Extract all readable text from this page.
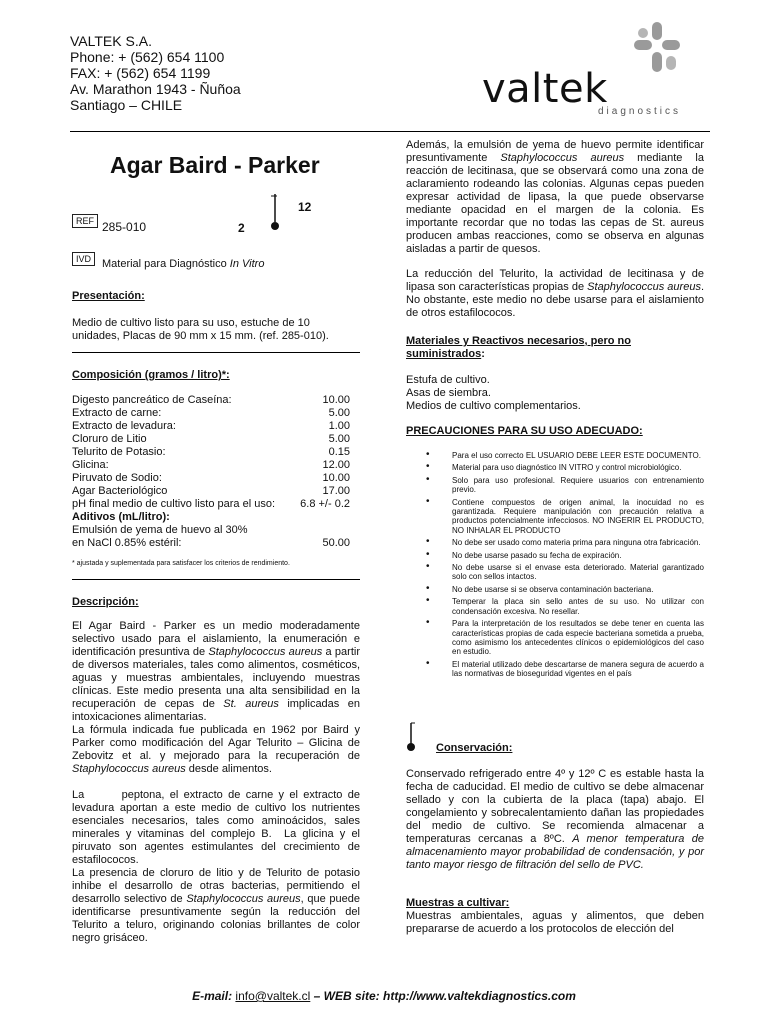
VALTEK S.A.
Phone: + (562) 654 1100
FAX: + (562) 654 1199
Av. Marathon 1943 - Ñuñoa
Santiago – CHILE	valtek
diagnostics
Agar Baird - Parker
12
2
REF 285-010
IVD Material para Diagnóstico In Vitro
Presentación:
Medio de cultivo listo para su uso, estuche de 10 unidades, Placas de 90 mm x 15 mm. (ref. 285-010).
Composición (gramos / litro)*:
Digesto pancreático de Caseína:	10.00
Extracto de carne:	5.00
Extracto de levadura:	1.00
Cloruro de Litio	5.00
Telurito de Potasio:	0.15
Glicina:	12.00
Piruvato de Sodio:	10.00
Agar Bacteriológico	17.00
pH final medio de cultivo listo para el uso:	6.8 +/- 0.2
Aditivos (mL/litro):
Emulsión de yema de huevo al 30%
en NaCl 0.85% estéril:	50.00
* ajustada y suplementada para satisfacer los criterios de rendimiento.
Descripción:
El Agar Baird - Parker es un medio moderadamente selectivo usado para el aislamiento, la enumeración e identificación presuntiva de Staphylococcus aureus a partir de diversos materiales, tales como alimentos, cosméticos, aguas y muestras ambientales, incluyendo muestras clínicas. Este medio presenta una alta sensibilidad en la recuperación de cepas de St. aureus implicadas en intoxicaciones alimentarias.
La fórmula indicada fue publicada en 1962 por Baird y Parker como modificación del Agar Telurito – Glicina de Zebovitz et al. y mejorado para la recuperación de Staphylococcus aureus desde alimentos.
La       peptona, el extracto de carne y el extracto de levadura aportan a este medio de cultivo los nutrientes esenciales necesarios, tales como aminoácidos, sales minerales y vitaminas del complejo B.  La glicina y el piruvato son agentes estimulantes del crecimiento de estafilococos.
La presencia de cloruro de litio y de Telurito de potasio inhibe el desarrollo de otras bacterias, permitiendo el desarrollo selectivo de Staphylococcus aureus, que puede identificarse presuntivamente según la reducción del Telurito a teluro, originando colonias brillantes de color negro grisáceo.
Además, la emulsión de yema de huevo permite identificar presuntivamente Staphylococcus aureus mediante la reacción de lecitinasa, que se observará como una zona de aclaramiento rodeando las colonias. Algunas cepas pueden expresar actividad de lipasa, la que puede observarse mediante opacidad en el margen de la colonia. Es importante recordar que no todas las cepas de St. aureus producen ambas reacciones, como se observa en algunas aisladas a partir de quesos.
La reducción del Telurito, la actividad de lecitinasa y de lipasa son características propias de Staphylococcus aureus. No obstante, este medio no debe usarse para el aislamiento de otros estafilococos.
Materiales y Reactivos necesarios, pero no suministrados:
Estufa de cultivo.
Asas de siembra.
Medios de cultivo complementarios.
PRECAUCIONES PARA SU USO ADECUADO:
• Para el uso correcto EL USUARIO DEBE LEER ESTE DOCUMENTO.
• Material para uso diagnóstico IN VITRO y control microbiológico.
• Solo para uso profesional. Requiere usuarios con entrenamiento previo.
• Contiene compuestos de origen animal, la inocuidad no es garantizada. Requiere manipulación con precaución relativa a productos potencialmente infecciosos. NO INGERIR EL PRODUCTO, NO INHALAR EL PRODUCTO
• No debe ser usado como materia prima para ninguna otra fabricación.
• No debe usarse pasado su fecha de expiración.
• No debe usarse si el envase esta deteriorado. Material garantizado solo con sellos intactos.
• No debe usarse si se observa contaminación bacteriana.
• Temperar la placa sin sello antes de su uso. No utilizar con condensación excesiva. No resellar.
• Para la interpretación de los resultados se debe tener en cuenta las características propias de cada especie bacteriana sometida a prueba, como asimismo los antecedentes clínicos o epidemiológicos del caso en estudio.
• El material utilizado debe descartarse de manera segura de acuerdo a las normativas de bioseguridad vigentes en el país
Conservación:
Conservado refrigerado entre 4º y 12º C es estable hasta la fecha de caducidad. El medio de cultivo se debe almacenar sellado y con la cubierta de la placa (tapa) abajo. El congelamiento y sobrecalentamiento dañan las propiedades del medio de cultivo. Se recomienda almacenar a temperaturas cercanas a 8ºC. A menor temperatura de almacenamiento mayor probabilidad de condensación, y por tanto mayor riesgo de filtración del sello de PVC.
Muestras a cultivar:
Muestras ambientales, aguas y alimentos, que deben prepararse de acuerdo a los protocolos de elección del
E-mail: info@valtek.cl – WEB site: http://www.valtekdiagnostics.com
